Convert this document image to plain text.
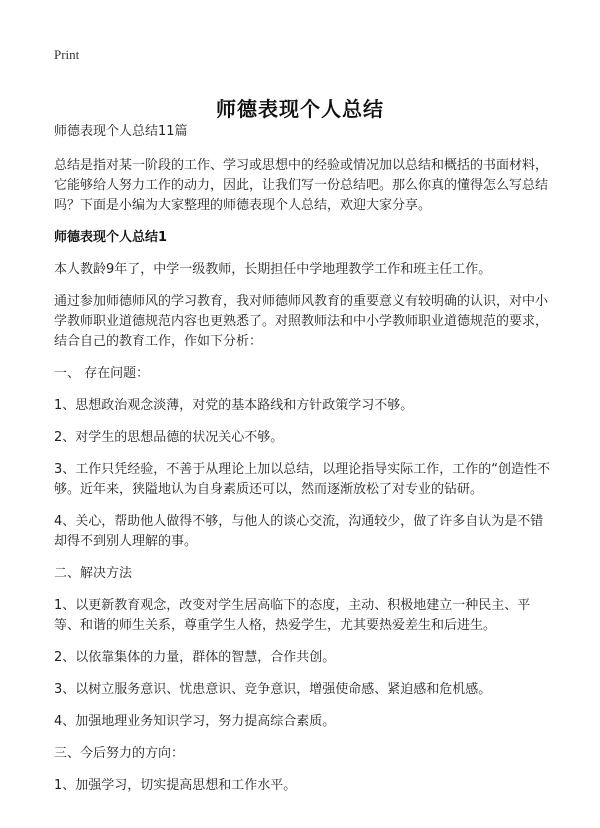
Print
师德表现个人总结

师德表现个人总结11篇

总结是指对某一阶段的工作、学习或思想中的经验或情况加以总结和概括的书面材料，它能够给人努力工作的动力，因此，让我们写一份总结吧。那么你真的懂得怎么写总结吗？下面是小编为大家整理的师德表现个人总结，欢迎大家分享。

师德表现个人总结1

本人教龄9年了，中学一级教师，长期担任中学地理教学工作和班主任工作。

通过参加师德师风的学习教育，我对师德师风教育的重要意义有较明确的认识，对中小学教师职业道德规范内容也更熟悉了。对照教师法和中小学教师职业道德规范的要求，结合自己的教育工作，作如下分析：

一、 存在问题：

1、思想政治观念淡薄，对党的基本路线和方针政策学习不够。

2、对学生的思想品德的状况关心不够。

3、工作只凭经验，不善于从理论上加以总结，以理论指导实际工作，工作的“创造性不够。近年来，狭隘地认为自身素质还可以，然而逐渐放松了对专业的钻研。

4、关心，帮助他人做得不够，与他人的谈心交流，沟通较少，做了许多自认为是不错却得不到别人理解的事。

二、解决方法

1、以更新教育观念，改变对学生居高临下的态度，主动、积极地建立一种民主、平等、和谐的师生关系，尊重学生人格，热爱学生，尤其要热爱差生和后进生。

2、以依靠集体的力量，群体的智慧，合作共创。

3、以树立服务意识、忧患意识、竞争意识，增强使命感、紧迫感和危机感。

4、加强地理业务知识学习，努力提高综合素质。

三、今后努力的方向：

1、加强学习，切实提高思想和工作水平。
